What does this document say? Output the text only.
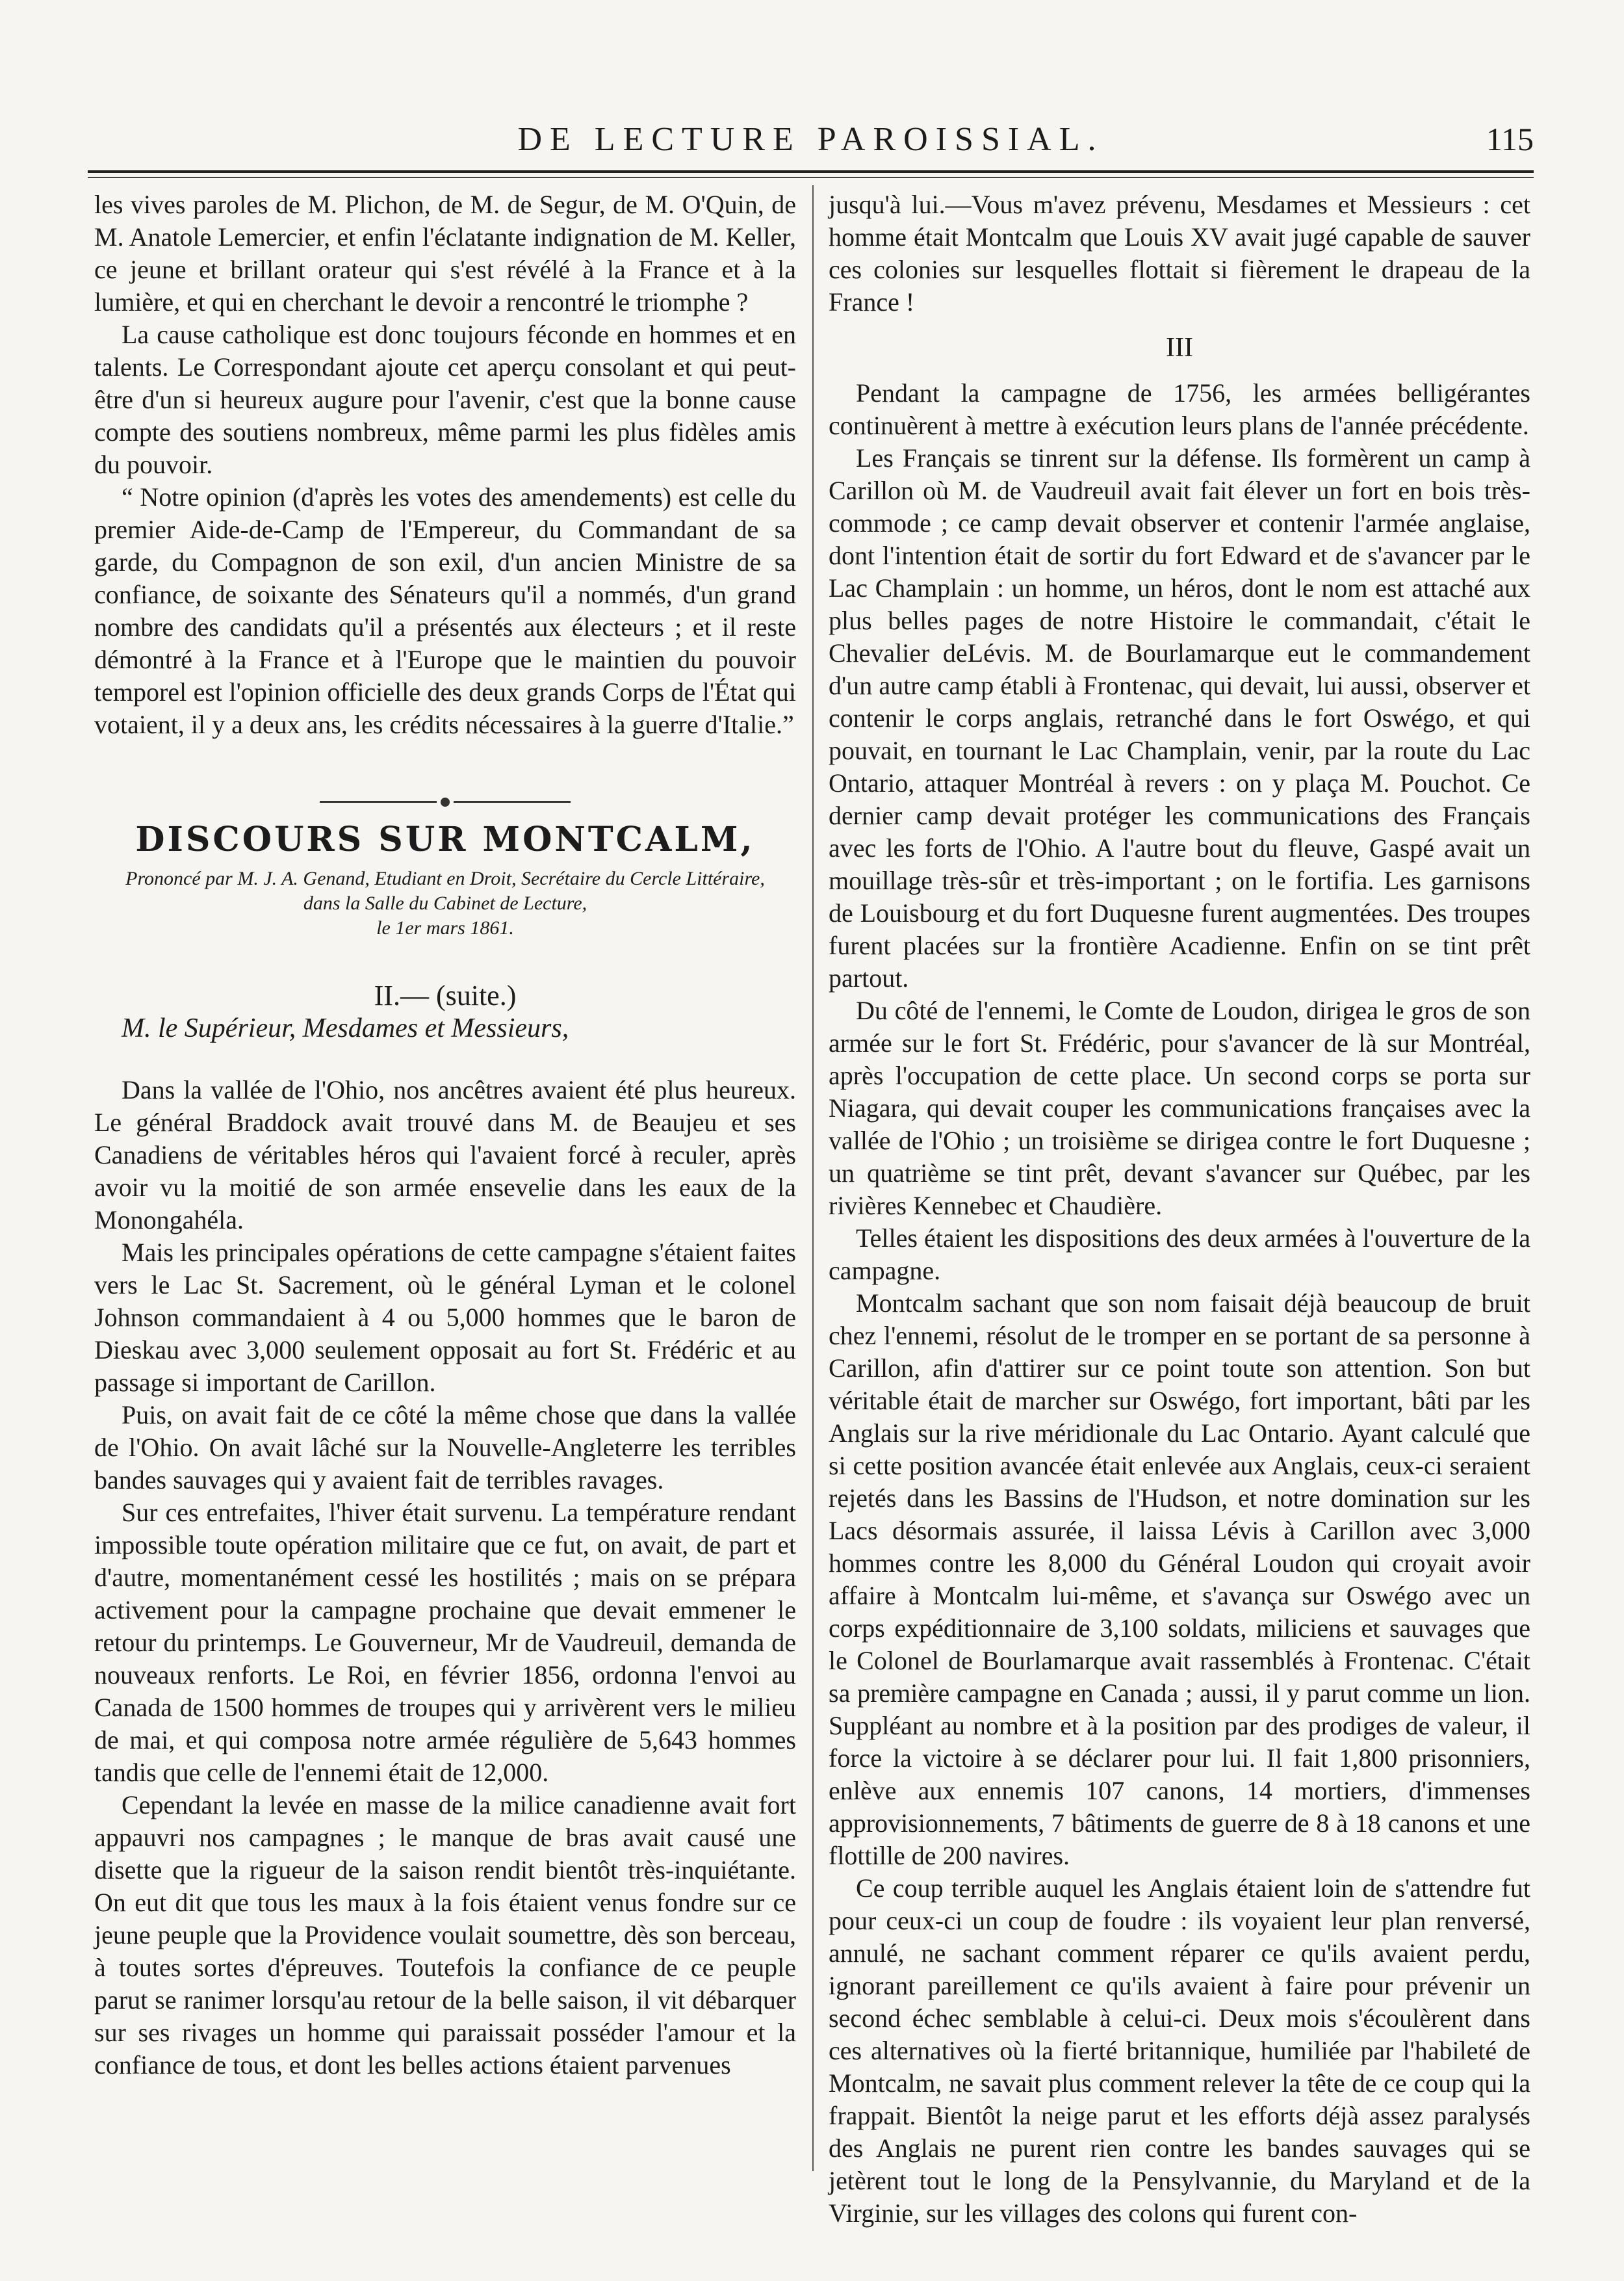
DE LECTURE PAROISSIAL.	115

les vives paroles de M. Plichon, de M. de Segur, de M. O'Quin, de M. Anatole Lemercier, et enfin l'éclatante indignation de M. Keller, ce jeune et brillant orateur qui s'est révélé à la France et à la lumière, et qui en cherchant le devoir a rencontré le triomphe ?

La cause catholique est donc toujours féconde en hommes et en talents. Le Correspondant ajoute cet aperçu consolant et qui peut-être d'un si heureux augure pour l'avenir, c'est que la bonne cause compte des soutiens nombreux, même parmi les plus fidèles amis du pouvoir.

“ Notre opinion (d'après les votes des amendements) est celle du premier Aide-de-Camp de l'Empereur, du Commandant de sa garde, du Compagnon de son exil, d'un ancien Ministre de sa confiance, de soixante des Sénateurs qu'il a nommés, d'un grand nombre des candidats qu'il a présentés aux électeurs ; et il reste démontré à la France et à l'Europe que le maintien du pouvoir temporel est l'opinion officielle des deux grands Corps de l'État qui votaient, il y a deux ans, les crédits nécessaires à la guerre d'Italie.”

DISCOURS SUR MONTCALM,
Prononcé par M. J. A. Genand, Etudiant en Droit, Secrétaire du Cercle Littéraire, dans la Salle du Cabinet de Lecture,
le 1er mars 1861.
II.— (suite.)

M. le Supérieur, Mesdames et Messieurs,

Dans la vallée de l'Ohio, nos ancêtres avaient été plus heureux. Le général Braddock avait trouvé dans M. de Beaujeu et ses Canadiens de véritables héros qui l'avaient forcé à reculer, après avoir vu la moitié de son armée ensevelie dans les eaux de la Monongahéla.

Mais les principales opérations de cette campagne s'étaient faites vers le Lac St. Sacrement, où le général Lyman et le colonel Johnson commandaient à 4 ou 5,000 hommes que le baron de Dieskau avec 3,000 seulement opposait au fort St. Frédéric et au passage si important de Carillon.

Puis, on avait fait de ce côté la même chose que dans la vallée de l'Ohio. On avait lâché sur la Nouvelle-Angleterre les terribles bandes sauvages qui y avaient fait de terribles ravages.

Sur ces entrefaites, l'hiver était survenu. La température rendant impossible toute opération militaire que ce fut, on avait, de part et d'autre, momentanément cessé les hostilités ; mais on se prépara activement pour la campagne prochaine que devait emmener le retour du printemps. Le Gouverneur, Mr de Vaudreuil, demanda de nouveaux renforts. Le Roi, en février 1856, ordonna l'envoi au Canada de 1500 hommes de troupes qui y arrivèrent vers le milieu de mai, et qui composa notre armée régulière de 5,643 hommes tandis que celle de l'ennemi était de 12,000.

Cependant la levée en masse de la milice canadienne avait fort appauvri nos campagnes ; le manque de bras avait causé une disette que la rigueur de la saison rendit bientôt très-inquiétante. On eut dit que tous les maux à la fois étaient venus fondre sur ce jeune peuple que la Providence voulait soumettre, dès son berceau, à toutes sortes d'épreuves. Toutefois la confiance de ce peuple parut se ranimer lorsqu'au retour de la belle saison, il vit débarquer sur ses rivages un homme qui paraissait posséder l'amour et la confiance de tous, et dont les belles actions étaient parvenues

jusqu'à lui.—Vous m'avez prévenu, Mesdames et Messieurs : cet homme était Montcalm que Louis XV avait jugé capable de sauver ces colonies sur lesquelles flottait si fièrement le drapeau de la France !

III

Pendant la campagne de 1756, les armées belligérantes continuèrent à mettre à exécution leurs plans de l'année précédente.

Les Français se tinrent sur la défense. Ils formèrent un camp à Carillon où M. de Vaudreuil avait fait élever un fort en bois très-commode ; ce camp devait observer et contenir l'armée anglaise, dont l'intention était de sortir du fort Edward et de s'avancer par le Lac Champlain : un homme, un héros, dont le nom est attaché aux plus belles pages de notre Histoire le commandait, c'était le Chevalier deLévis. M. de Bourlamarque eut le commandement d'un autre camp établi à Frontenac, qui devait, lui aussi, observer et contenir le corps anglais, retranché dans le fort Oswégo, et qui pouvait, en tournant le Lac Champlain, venir, par la route du Lac Ontario, attaquer Montréal à revers : on y plaça M. Pouchot. Ce dernier camp devait protéger les communications des Français avec les forts de l'Ohio. A l'autre bout du fleuve, Gaspé avait un mouillage très-sûr et très-important ; on le fortifia. Les garnisons de Louisbourg et du fort Duquesne furent augmentées. Des troupes furent placées sur la frontière Acadienne. Enfin on se tint prêt partout.

Du côté de l'ennemi, le Comte de Loudon, dirigea le gros de son armée sur le fort St. Frédéric, pour s'avancer de là sur Montréal, après l'occupation de cette place. Un second corps se porta sur Niagara, qui devait couper les communications françaises avec la vallée de l'Ohio ; un troisième se dirigea contre le fort Duquesne ; un quatrième se tint prêt, devant s'avancer sur Québec, par les rivières Kennebec et Chaudière.

Telles étaient les dispositions des deux armées à l'ouverture de la campagne.

Montcalm sachant que son nom faisait déjà beaucoup de bruit chez l'ennemi, résolut de le tromper en se portant de sa personne à Carillon, afin d'attirer sur ce point toute son attention. Son but véritable était de marcher sur Oswégo, fort important, bâti par les Anglais sur la rive méridionale du Lac Ontario. Ayant calculé que si cette position avancée était enlevée aux Anglais, ceux-ci seraient rejetés dans les Bassins de l'Hudson, et notre domination sur les Lacs désormais assurée, il laissa Lévis à Carillon avec 3,000 hommes contre les 8,000 du Général Loudon qui croyait avoir affaire à Montcalm lui-même, et s'avança sur Oswégo avec un corps expéditionnaire de 3,100 soldats, miliciens et sauvages que le Colonel de Bourlamarque avait rassemblés à Frontenac. C'était sa première campagne en Canada ; aussi, il y parut comme un lion. Suppléant au nombre et à la position par des prodiges de valeur, il force la victoire à se déclarer pour lui. Il fait 1,800 prisonniers, enlève aux ennemis 107 canons, 14 mortiers, d'immenses approvisionnements, 7 bâtiments de guerre de 8 à 18 canons et une flottille de 200 navires.

Ce coup terrible auquel les Anglais étaient loin de s'attendre fut pour ceux-ci un coup de foudre : ils voyaient leur plan renversé, annulé, ne sachant comment réparer ce qu'ils avaient perdu, ignorant pareillement ce qu'ils avaient à faire pour prévenir un second échec semblable à celui-ci. Deux mois s'écoulèrent dans ces alternatives où la fierté britannique, humiliée par l'habileté de Montcalm, ne savait plus comment relever la tête de ce coup qui la frappait. Bientôt la neige parut et les efforts déjà assez paralysés des Anglais ne purent rien contre les bandes sauvages qui se jetèrent tout le long de la Pensylvannie, du Maryland et de la Virginie, sur les villages des colons qui furent con-
